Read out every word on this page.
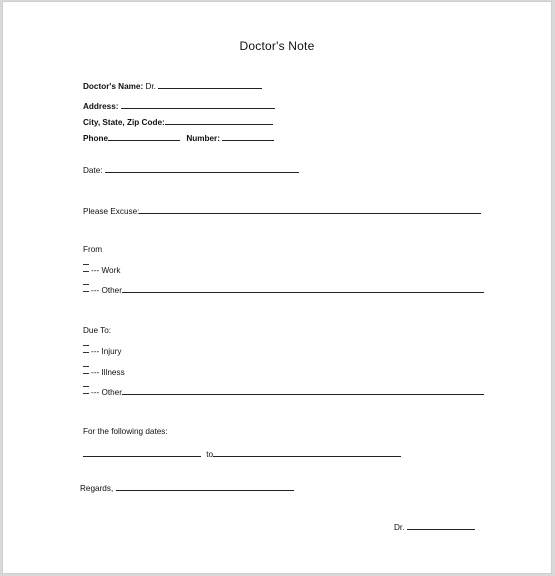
Doctor's Note
Doctor's Name: Dr.
Address:
City, State, Zip Code:
Phone	Number:
Date:
Please Excuse:
From
--- Work
--- Other
Due To:
--- Injury
--- Illness
--- Other
For the following dates:
to
Regards,
Dr.
